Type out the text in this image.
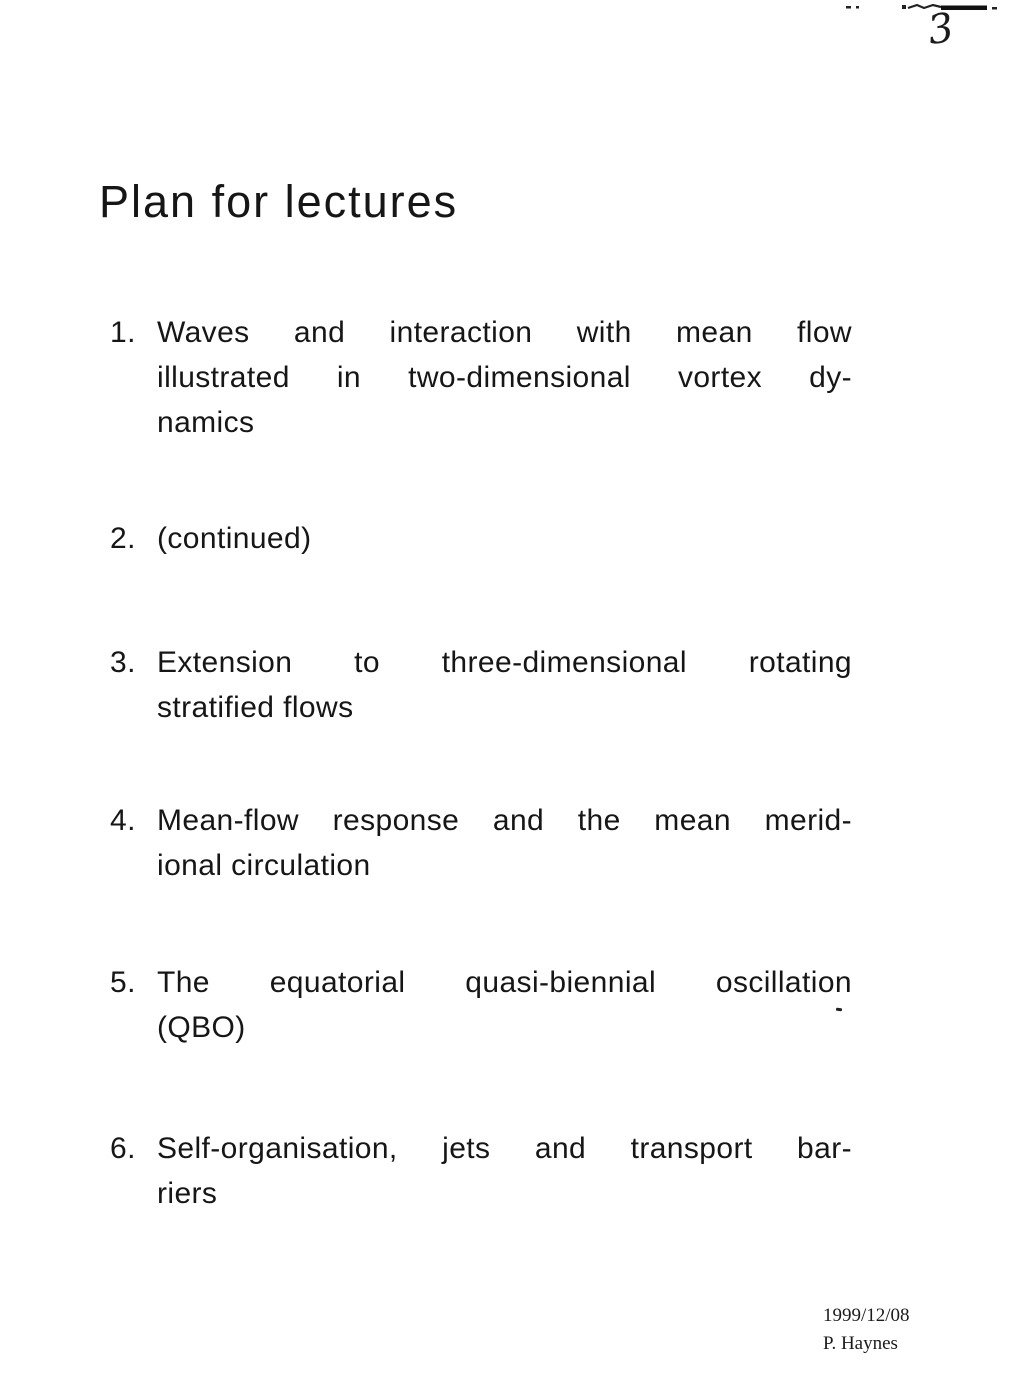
3
Plan for lectures
1. Waves and interaction with mean flow
illustrated in two-dimensional vortex dy-
namics
2. (continued)
3. Extension to three-dimensional rotating
stratified flows
4. Mean-flow response and the mean merid-
ional circulation
5. The equatorial quasi-biennial oscillation
(QBO)
6. Self-organisation, jets and transport bar-
riers
1999/12/08
P. Haynes
